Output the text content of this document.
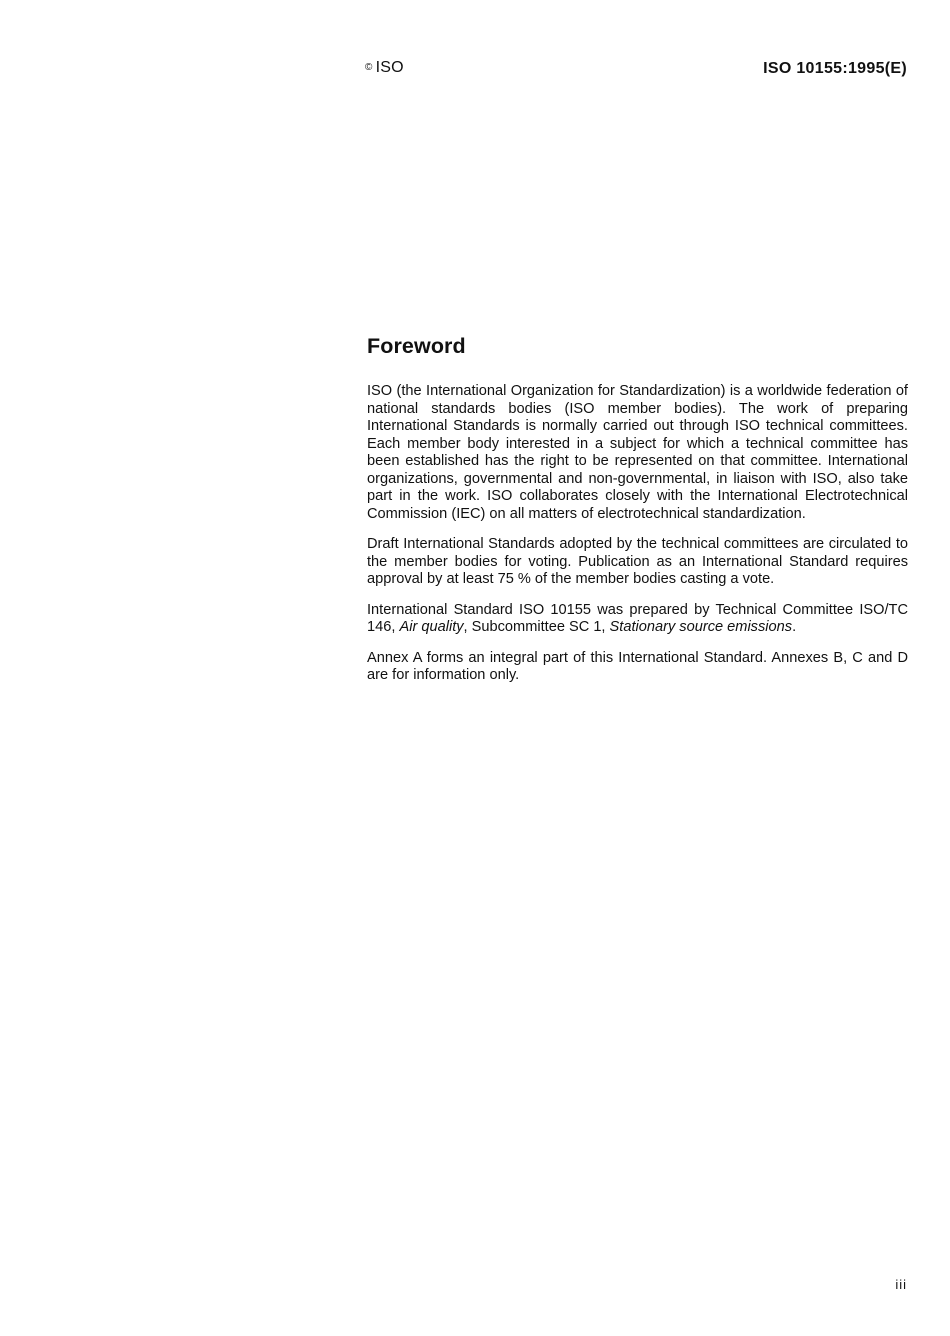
© ISO	ISO 10155:1995(E)
Foreword

ISO (the International Organization for Standardization) is a worldwide federation of national standards bodies (ISO member bodies). The work of preparing International Standards is normally carried out through ISO technical committees. Each member body interested in a subject for which a technical committee has been established has the right to be represented on that committee. International organizations, governmental and non-governmental, in liaison with ISO, also take part in the work. ISO collaborates closely with the International Electrotechnical Commission (IEC) on all matters of electrotechnical standardization.

Draft International Standards adopted by the technical committees are circulated to the member bodies for voting. Publication as an International Standard requires approval by at least 75 % of the member bodies casting a vote.

International Standard ISO 10155 was prepared by Technical Committee ISO/TC 146, Air quality, Subcommittee SC 1, Stationary source emissions.

Annex A forms an integral part of this International Standard. Annexes B, C and D are for information only.

iii
